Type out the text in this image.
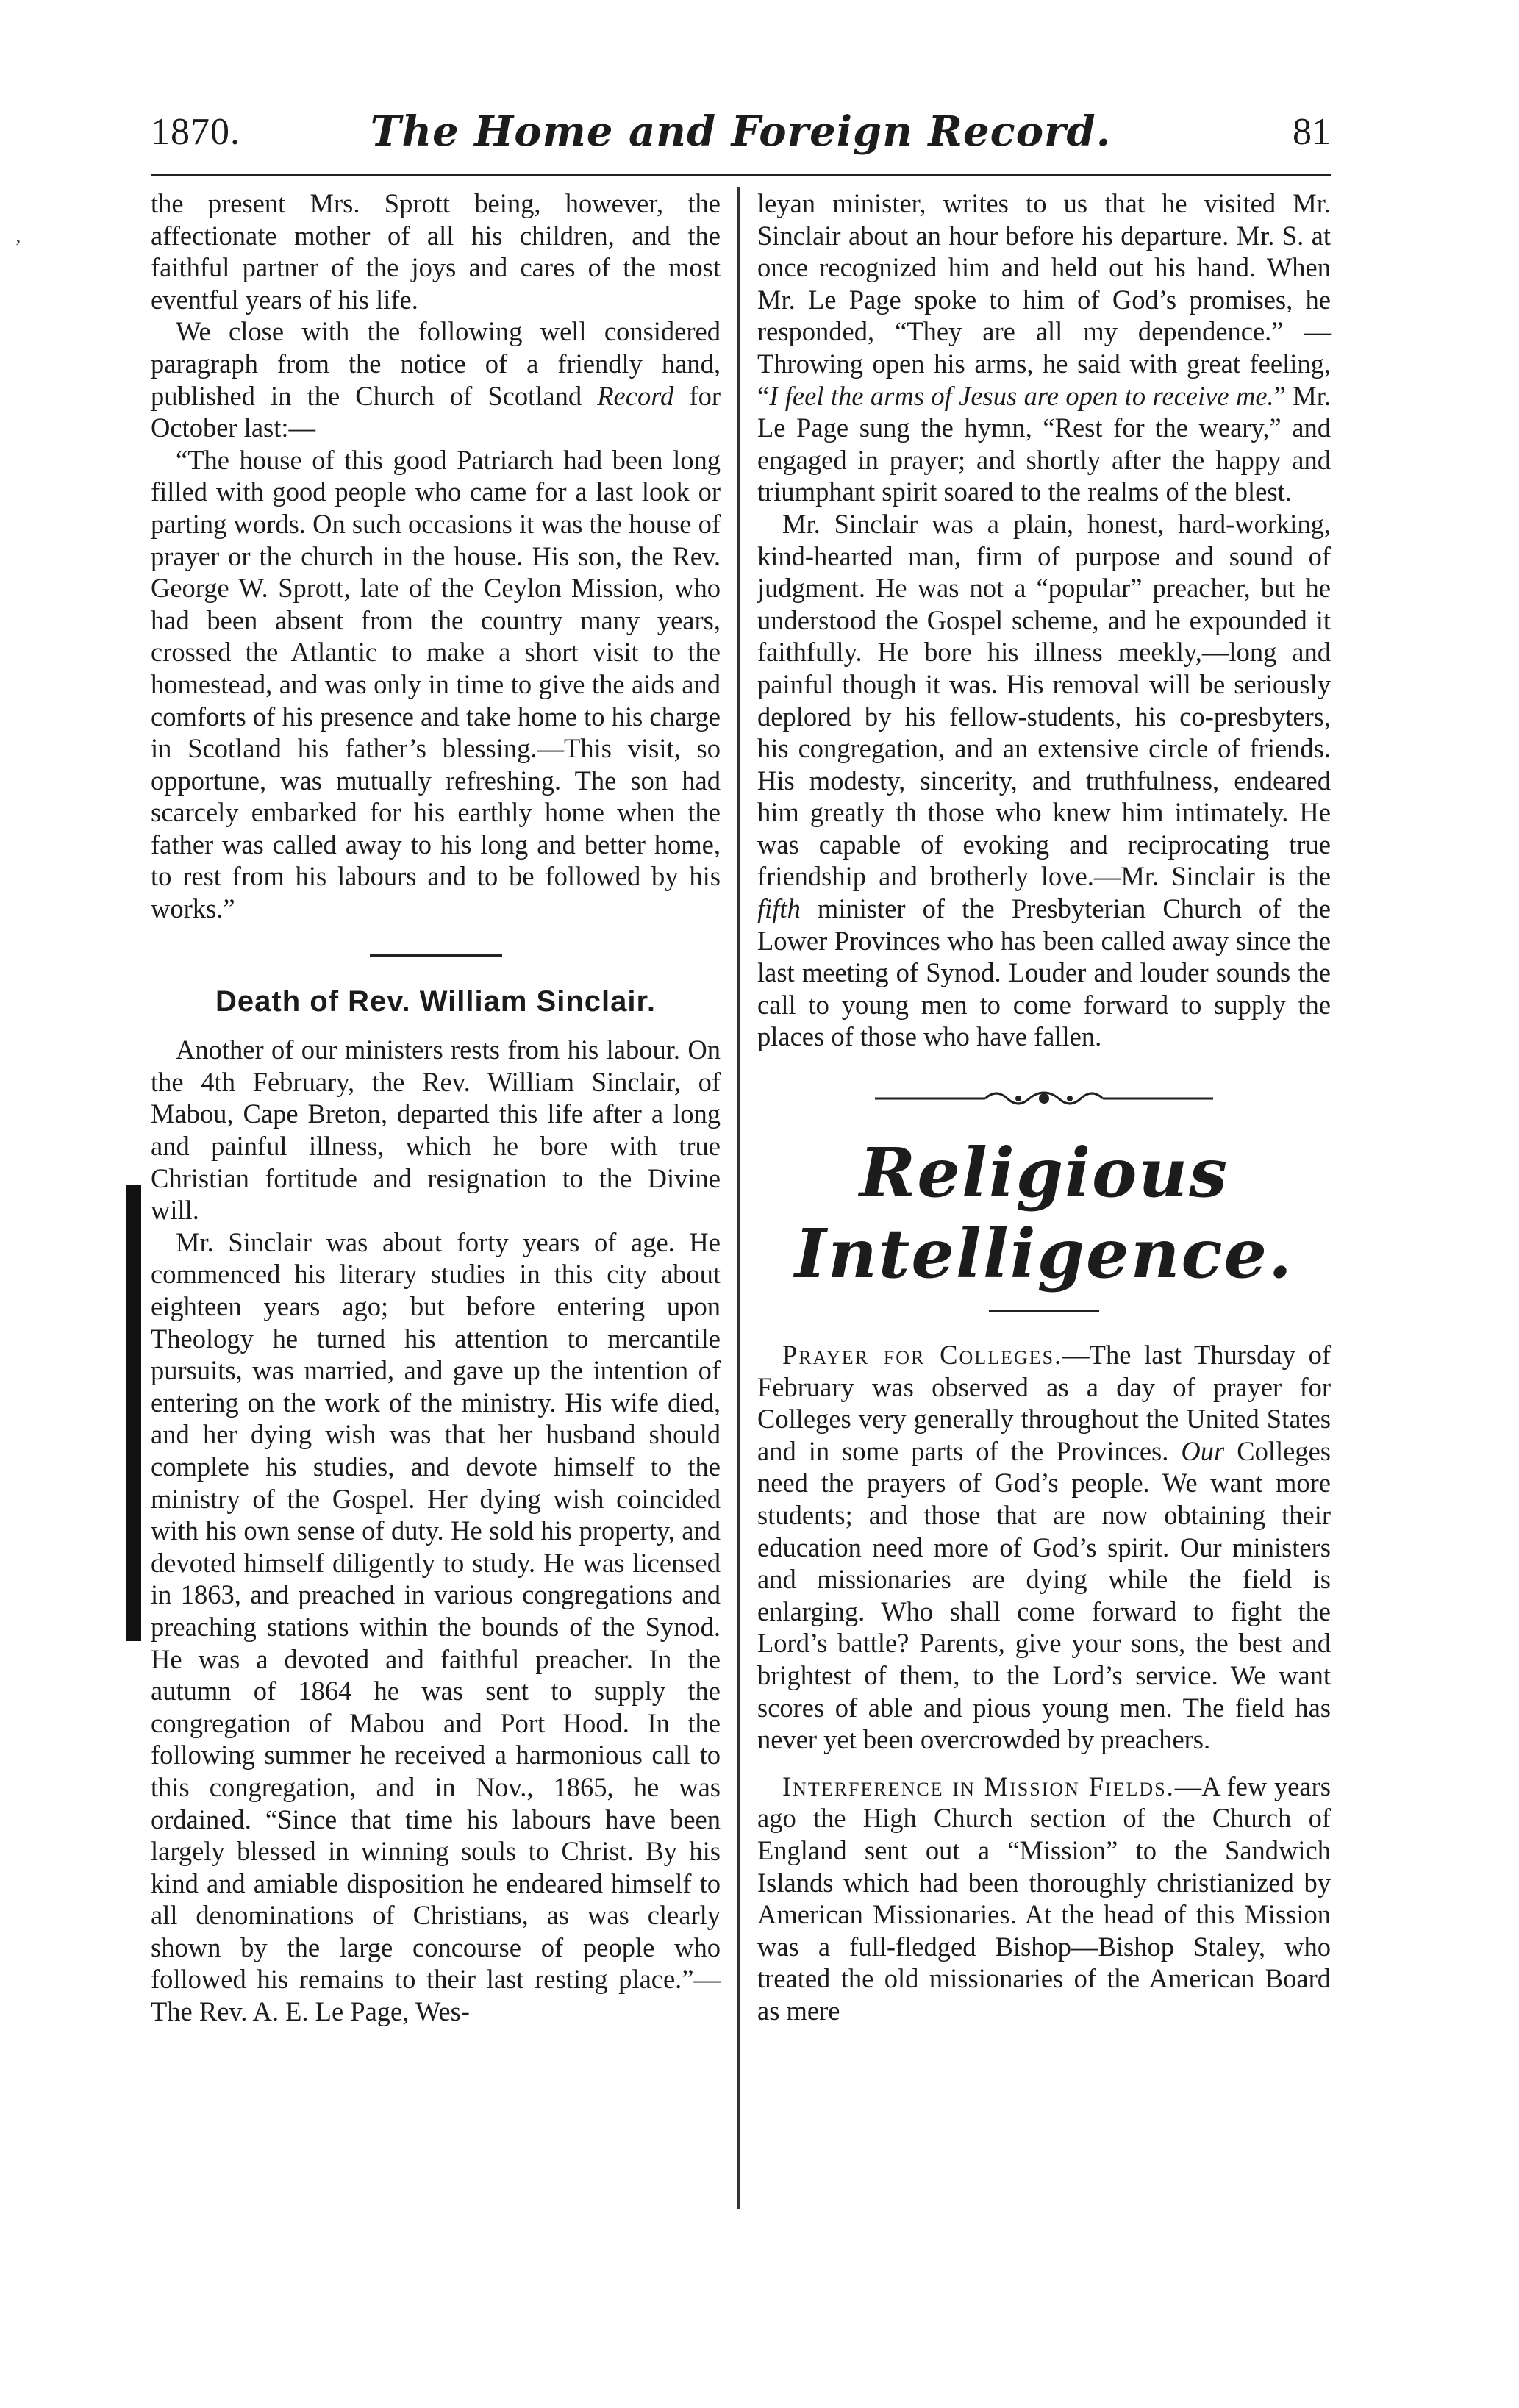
‚
1870.	The Home and Foreign Record.	81

the present Mrs. Sprott being, however, the affectionate mother of all his children, and the faithful partner of the joys and cares of the most eventful years of his life.

We close with the following well considered paragraph from the notice of a friendly hand, published in the Church of Scotland Record for October last:—

“The house of this good Patriarch had been long filled with good people who came for a last look or parting words. On such occasions it was the house of prayer or the church in the house. His son, the Rev. George W. Sprott, late of the Ceylon Mission, who had been absent from the country many years, crossed the Atlantic to make a short visit to the homestead, and was only in time to give the aids and comforts of his presence and take home to his charge in Scotland his father’s blessing.—This visit, so opportune, was mutually refreshing. The son had scarcely embarked for his earthly home when the father was called away to his long and better home, to rest from his labours and to be followed by his works.”

Death of Rev. William Sinclair.

Another of our ministers rests from his labour. On the 4th February, the Rev. William Sinclair, of Mabou, Cape Breton, departed this life after a long and painful illness, which he bore with true Christian fortitude and resignation to the Divine will.

Mr. Sinclair was about forty years of age. He commenced his literary studies in this city about eighteen years ago; but before entering upon Theology he turned his attention to mercantile pursuits, was married, and gave up the intention of entering on the work of the ministry. His wife died, and her dying wish was that her husband should complete his studies, and devote himself to the ministry of the Gospel. Her dying wish coincided with his own sense of duty. He sold his property, and devoted himself diligently to study. He was licensed in 1863, and preached in various congregations and preaching stations within the bounds of the Synod. He was a devoted and faithful preacher. In the autumn of 1864 he was sent to supply the congregation of Mabou and Port Hood. In the following summer he received a harmonious call to this congregation, and in Nov., 1865, he was ordained. “Since that time his labours have been largely blessed in winning souls to Christ. By his kind and amiable disposition he endeared himself to all denominations of Christians, as was clearly shown by the large concourse of people who followed his remains to their last resting place.”—The Rev. A. E. Le Page, Wes-

leyan minister, writes to us that he visited Mr. Sinclair about an hour before his departure. Mr. S. at once recognized him and held out his hand. When Mr. Le Page spoke to him of God’s promises, he responded, “They are all my dependence.” —Throwing open his arms, he said with great feeling, “I feel the arms of Jesus are open to receive me.” Mr. Le Page sung the hymn, “Rest for the weary,” and engaged in prayer; and shortly after the happy and triumphant spirit soared to the realms of the blest.

Mr. Sinclair was a plain, honest, hard-working, kind-hearted man, firm of purpose and sound of judgment. He was not a “popular” preacher, but he understood the Gospel scheme, and he expounded it faithfully. He bore his illness meekly,—long and painful though it was. His removal will be seriously deplored by his fellow-students, his co-presbyters, his congregation, and an extensive circle of friends. His modesty, sincerity, and truthfulness, endeared him greatly th those who knew him intimately. He was capable of evoking and reciprocating true friendship and brotherly love.—Mr. Sinclair is the fifth minister of the Presbyterian Church of the Lower Provinces who has been called away since the last meeting of Synod. Louder and louder sounds the call to young men to come forward to supply the places of those who have fallen.

Religious Intelligence.

Prayer for Colleges.—The last Thursday of February was observed as a day of prayer for Colleges very generally throughout the United States and in some parts of the Provinces. Our Colleges need the prayers of God’s people. We want more students; and those that are now obtaining their education need more of God’s spirit. Our ministers and missionaries are dying while the field is enlarging. Who shall come forward to fight the Lord’s battle? Parents, give your sons, the best and brightest of them, to the Lord’s service. We want scores of able and pious young men. The field has never yet been overcrowded by preachers.

Interference in Mission Fields.—A few years ago the High Church section of the Church of England sent out a “Mission” to the Sandwich Islands which had been thoroughly christianized by American Missionaries. At the head of this Mission was a full-fledged Bishop—Bishop Staley, who treated the old missionaries of the American Board as mere
